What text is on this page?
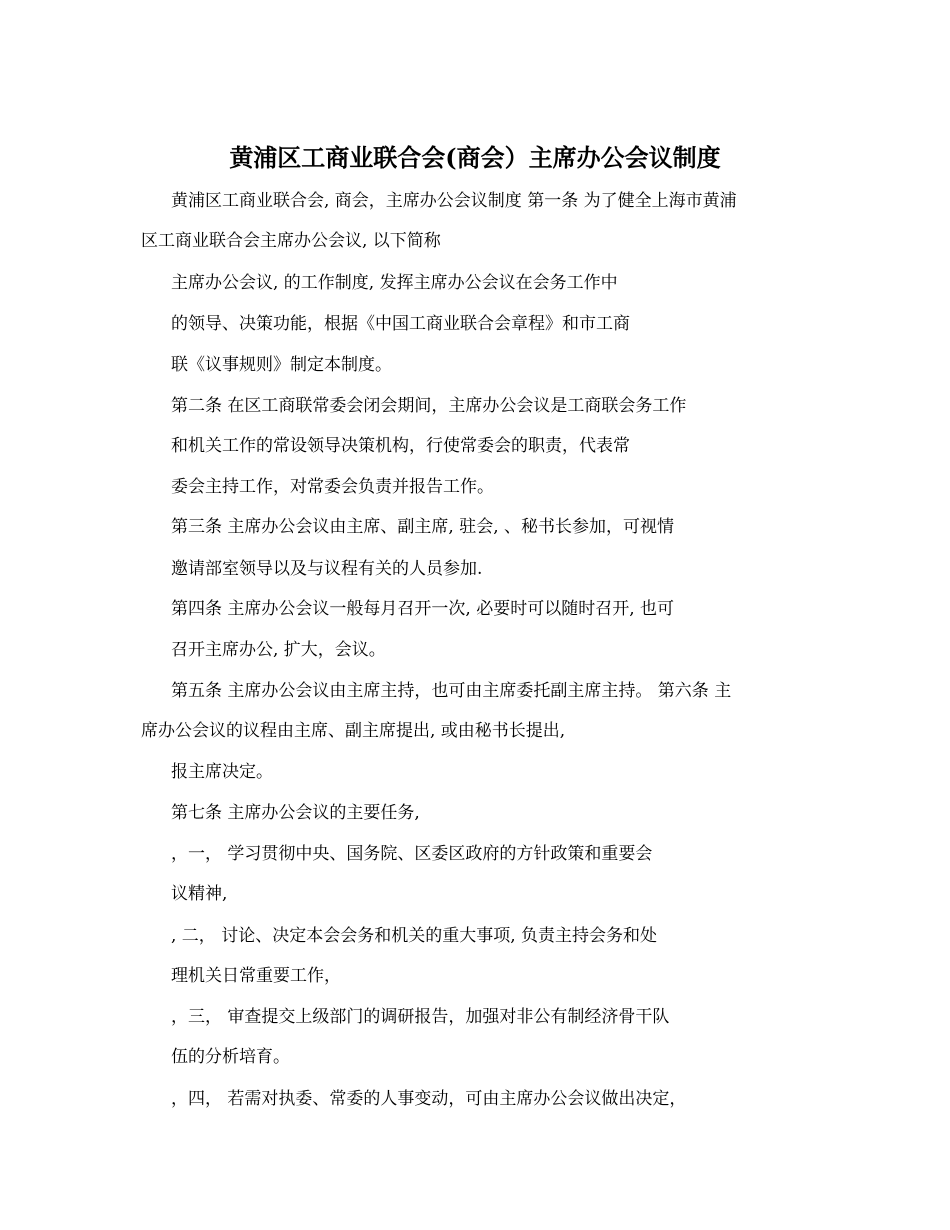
黄浦区工商业联合会(商会）主席办公会议制度
黄浦区工商业联合会, 商会，主席办公会议制度 第一条 为了健全上海市黄浦
区工商业联合会主席办公会议, 以下简称
主席办公会议, 的工作制度, 发挥主席办公会议在会务工作中
的领导、决策功能，根据《中国工商业联合会章程》和市工商
联《议事规则》制定本制度。
第二条 在区工商联常委会闭会期间，主席办公会议是工商联会务工作
和机关工作的常设领导决策机构，行使常委会的职责，代表常
委会主持工作，对常委会负责并报告工作。
第三条 主席办公会议由主席、副主席, 驻会, 、秘书长参加，可视情
邀请部室领导以及与议程有关的人员参加.
第四条 主席办公会议一般每月召开一次, 必要时可以随时召开, 也可
召开主席办公, 扩大，会议。
第五条 主席办公会议由主席主持，也可由主席委托副主席主持。 第六条 主
席办公会议的议程由主席、副主席提出, 或由秘书长提出,
报主席决定。
第七条 主席办公会议的主要任务,
，一， 学习贯彻中央、国务院、区委区政府的方针政策和重要会
议精神,
, 二， 讨论、决定本会会务和机关的重大事项, 负责主持会务和处
理机关日常重要工作，
，三， 审查提交上级部门的调研报告，加强对非公有制经济骨干队
伍的分析培育。
，四， 若需对执委、常委的人事变动，可由主席办公会议做出决定，
